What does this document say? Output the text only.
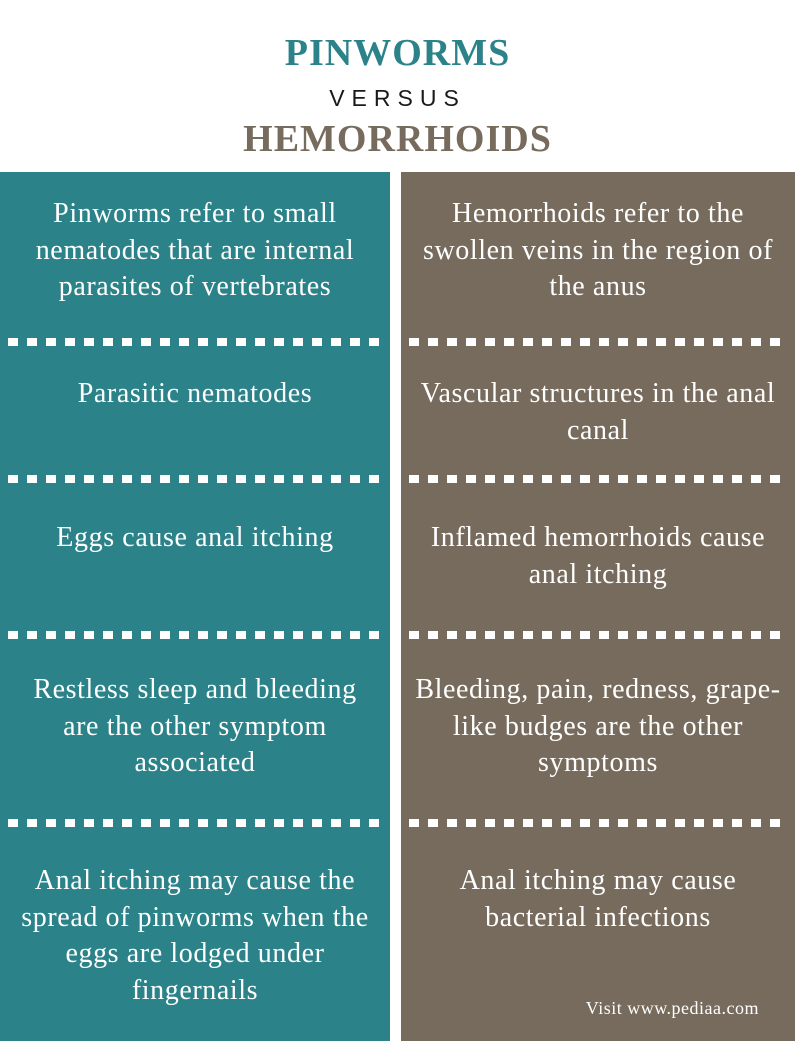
PINWORMS
VERSUS
HEMORRHOIDS
Pinworms refer to small nematodes that are internal parasites of vertebrates
Parasitic nematodes
Eggs cause anal itching
Restless sleep and bleeding are the other symptom associated
Anal itching may cause the spread of pinworms when the eggs are lodged under fingernails
Hemorrhoids refer to the swollen veins in the region of the anus
Vascular structures in the anal canal
Inflamed hemorrhoids cause anal itching
Bleeding, pain, redness, grape-like budges are the other symptoms
Anal itching may cause bacterial infections
Visit www.pediaa.com
